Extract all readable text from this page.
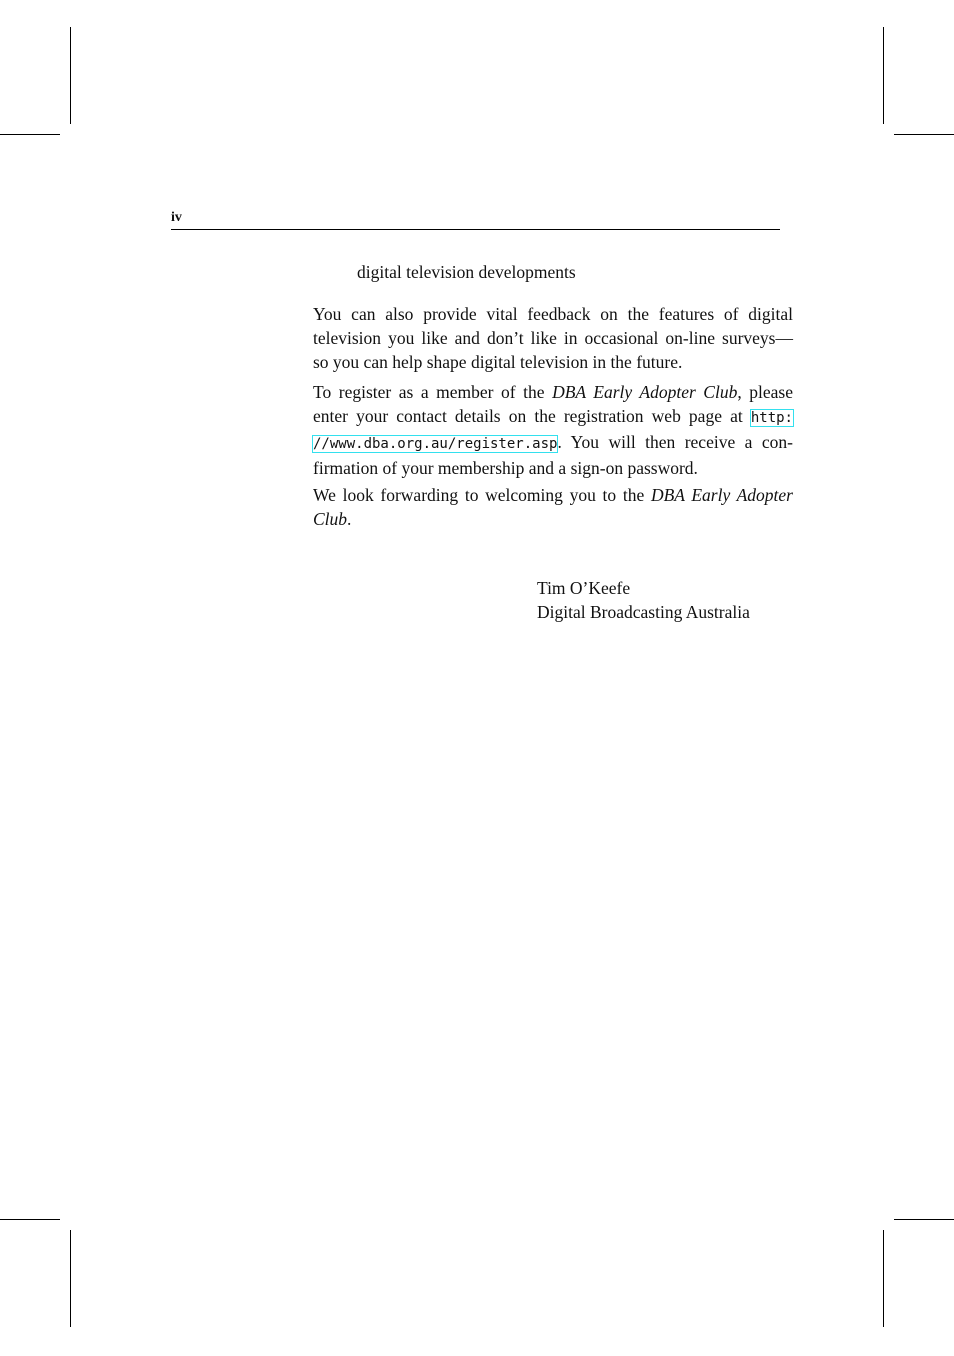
iv
digital television developments
You can also provide vital feedback on the features of digital
television you like and don’t like in occasional on-line surveys—
so you can help shape digital television in the future.
To register as a member of the DBA Early Adopter Club, please
enter your contact details on the registration web page at http:
//www.dba.org.au/register.asp. You will then receive a con-
firmation of your membership and a sign-on password.
We look forwarding to welcoming you to the DBA Early Adopter
Club.
Tim O’Keefe
Digital Broadcasting Australia
